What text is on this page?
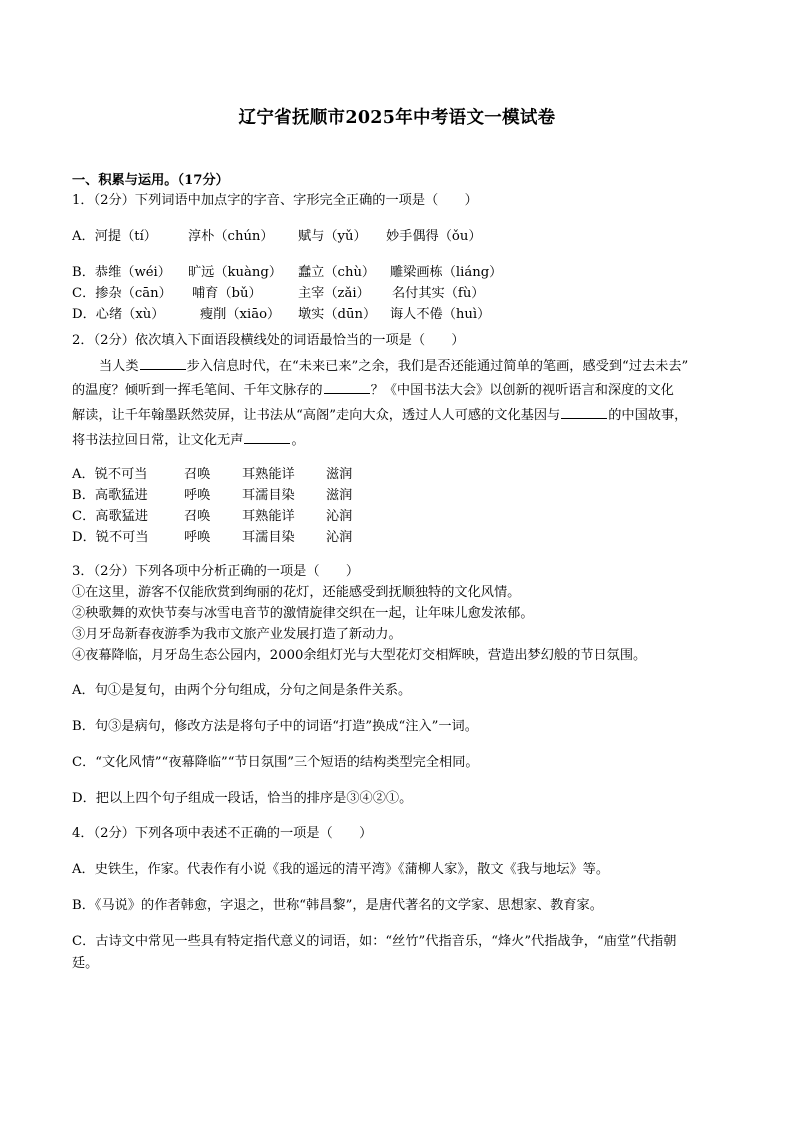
辽宁省抚顺市2025年中考语文一模试卷
一、积累与运用。（17分）
1．（2分）下列词语中加点字的字音、字形完全正确的一项是（　　）
A．河提（tí） 淳朴（chún） 赋与（yǔ） 妙手偶得（ǒu）
B．恭维（wéi） 旷远（kuàng） 蠢立（chù） 雕梁画栋（liáng）
C．掺杂（cān） 哺育（bǔ）	主宰（zǎi） 名付其实（fù）
D．心绪（xù）	瘦削（xiāo） 墩实（dūn） 诲人不倦（huì）
2．（2分）依次填入下面语段横线处的词语最恰当的一项是（　　）
当人类	步入信息时代，在“未来已来”之余，我们是否还能通过简单的笔画，感受到“过去未去”
的温度？倾听到一挥毛笔间、千年文脉存的	？《中国书法大会》以创新的视听语言和深度的文化
解读，让千年翰墨跃然荧屏，让书法从“高阁”走向大众，透过人人可感的文化基因与	的中国故事，
将书法拉回日常，让文化无声	。
A．锐不可当	召唤 耳熟能详 滋润
B．高歌猛进	呼唤 耳濡目染 滋润
C．高歌猛进	召唤 耳熟能详 沁润
D．锐不可当	呼唤 耳濡目染 沁润
3．（2分）下列各项中分析正确的一项是（　　）
①在这里，游客不仅能欣赏到绚丽的花灯，还能感受到抚顺独特的文化风情。
②秧歌舞的欢快节奏与冰雪电音节的激情旋律交织在一起，让年味儿愈发浓郁。
③月牙岛新春夜游季为我市文旅产业发展打造了新动力。
④夜幕降临，月牙岛生态公园内，2000余组灯光与大型花灯交相辉映，营造出梦幻般的节日氛围。
A．句①是复句，由两个分句组成，分句之间是条件关系。
B．句③是病句，修改方法是将句子中的词语“打造”换成“注入”一词。
C．“文化风情”“夜幕降临”“节日氛围”三个短语的结构类型完全相同。
D．把以上四个句子组成一段话，恰当的排序是③④②①。
4．（2分）下列各项中表述不正确的一项是（　　）
A．史铁生，作家。代表作有小说《我的遥远的清平湾》《蒲柳人家》，散文《我与地坛》等。
B．《马说》的作者韩愈，字退之，世称“韩昌黎”，是唐代著名的文学家、思想家、教育家。
C．古诗文中常见一些具有特定指代意义的词语，如：“丝竹”代指音乐，“烽火”代指战争，“庙堂”代指朝
廷。
